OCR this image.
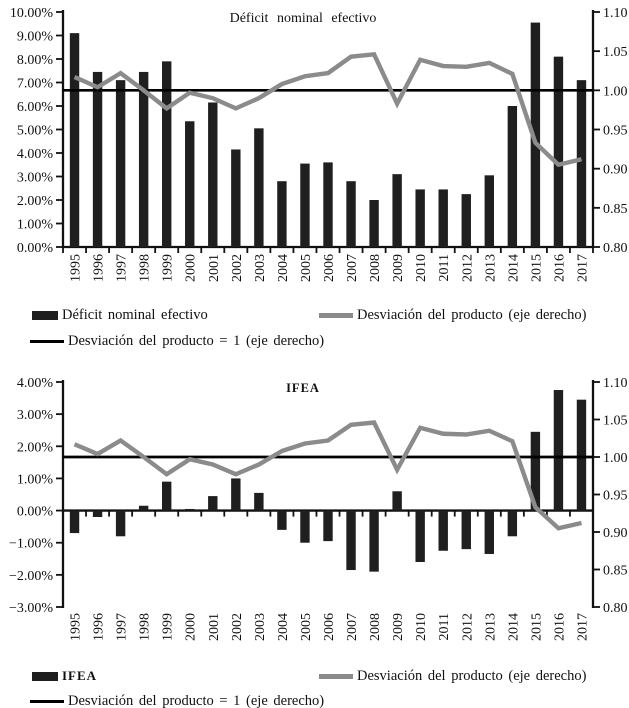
0.00%
1.00%
2.00%
3.00%
4.00%
5.00%
6.00%
7.00%
8.00%
9.00%
10.00%
0.80
0.85
0.90
0.95
1.00
1.05
1.10
Déficit nominal efectivo
1995 1996 1997 1998 1999 2000 2001 2002 2003 2004 2005 2006 2007 2008 2009 2010 2011 2012 2013 2014 2015 2016 2017
Déficit nominal efectivo	Desviación del producto (eje derecho)
Desviación del producto = 1 (eje derecho)
−3.00%
−2.00%
−1.00%
0.00%
1.00%
2.00%
3.00%
4.00%
0.80
0.85
0.90
0.95
1.00
1.05
1.10
IFEA
1995 1996 1997 1998 1999 2000 2001 2002 2003 2004 2005 2006 2007 2008 2009 2010 2011 2012 2013 2014 2015 2016 2017
IFEA	Desviación del producto (eje derecho)
Desviación del producto = 1 (eje derecho)
